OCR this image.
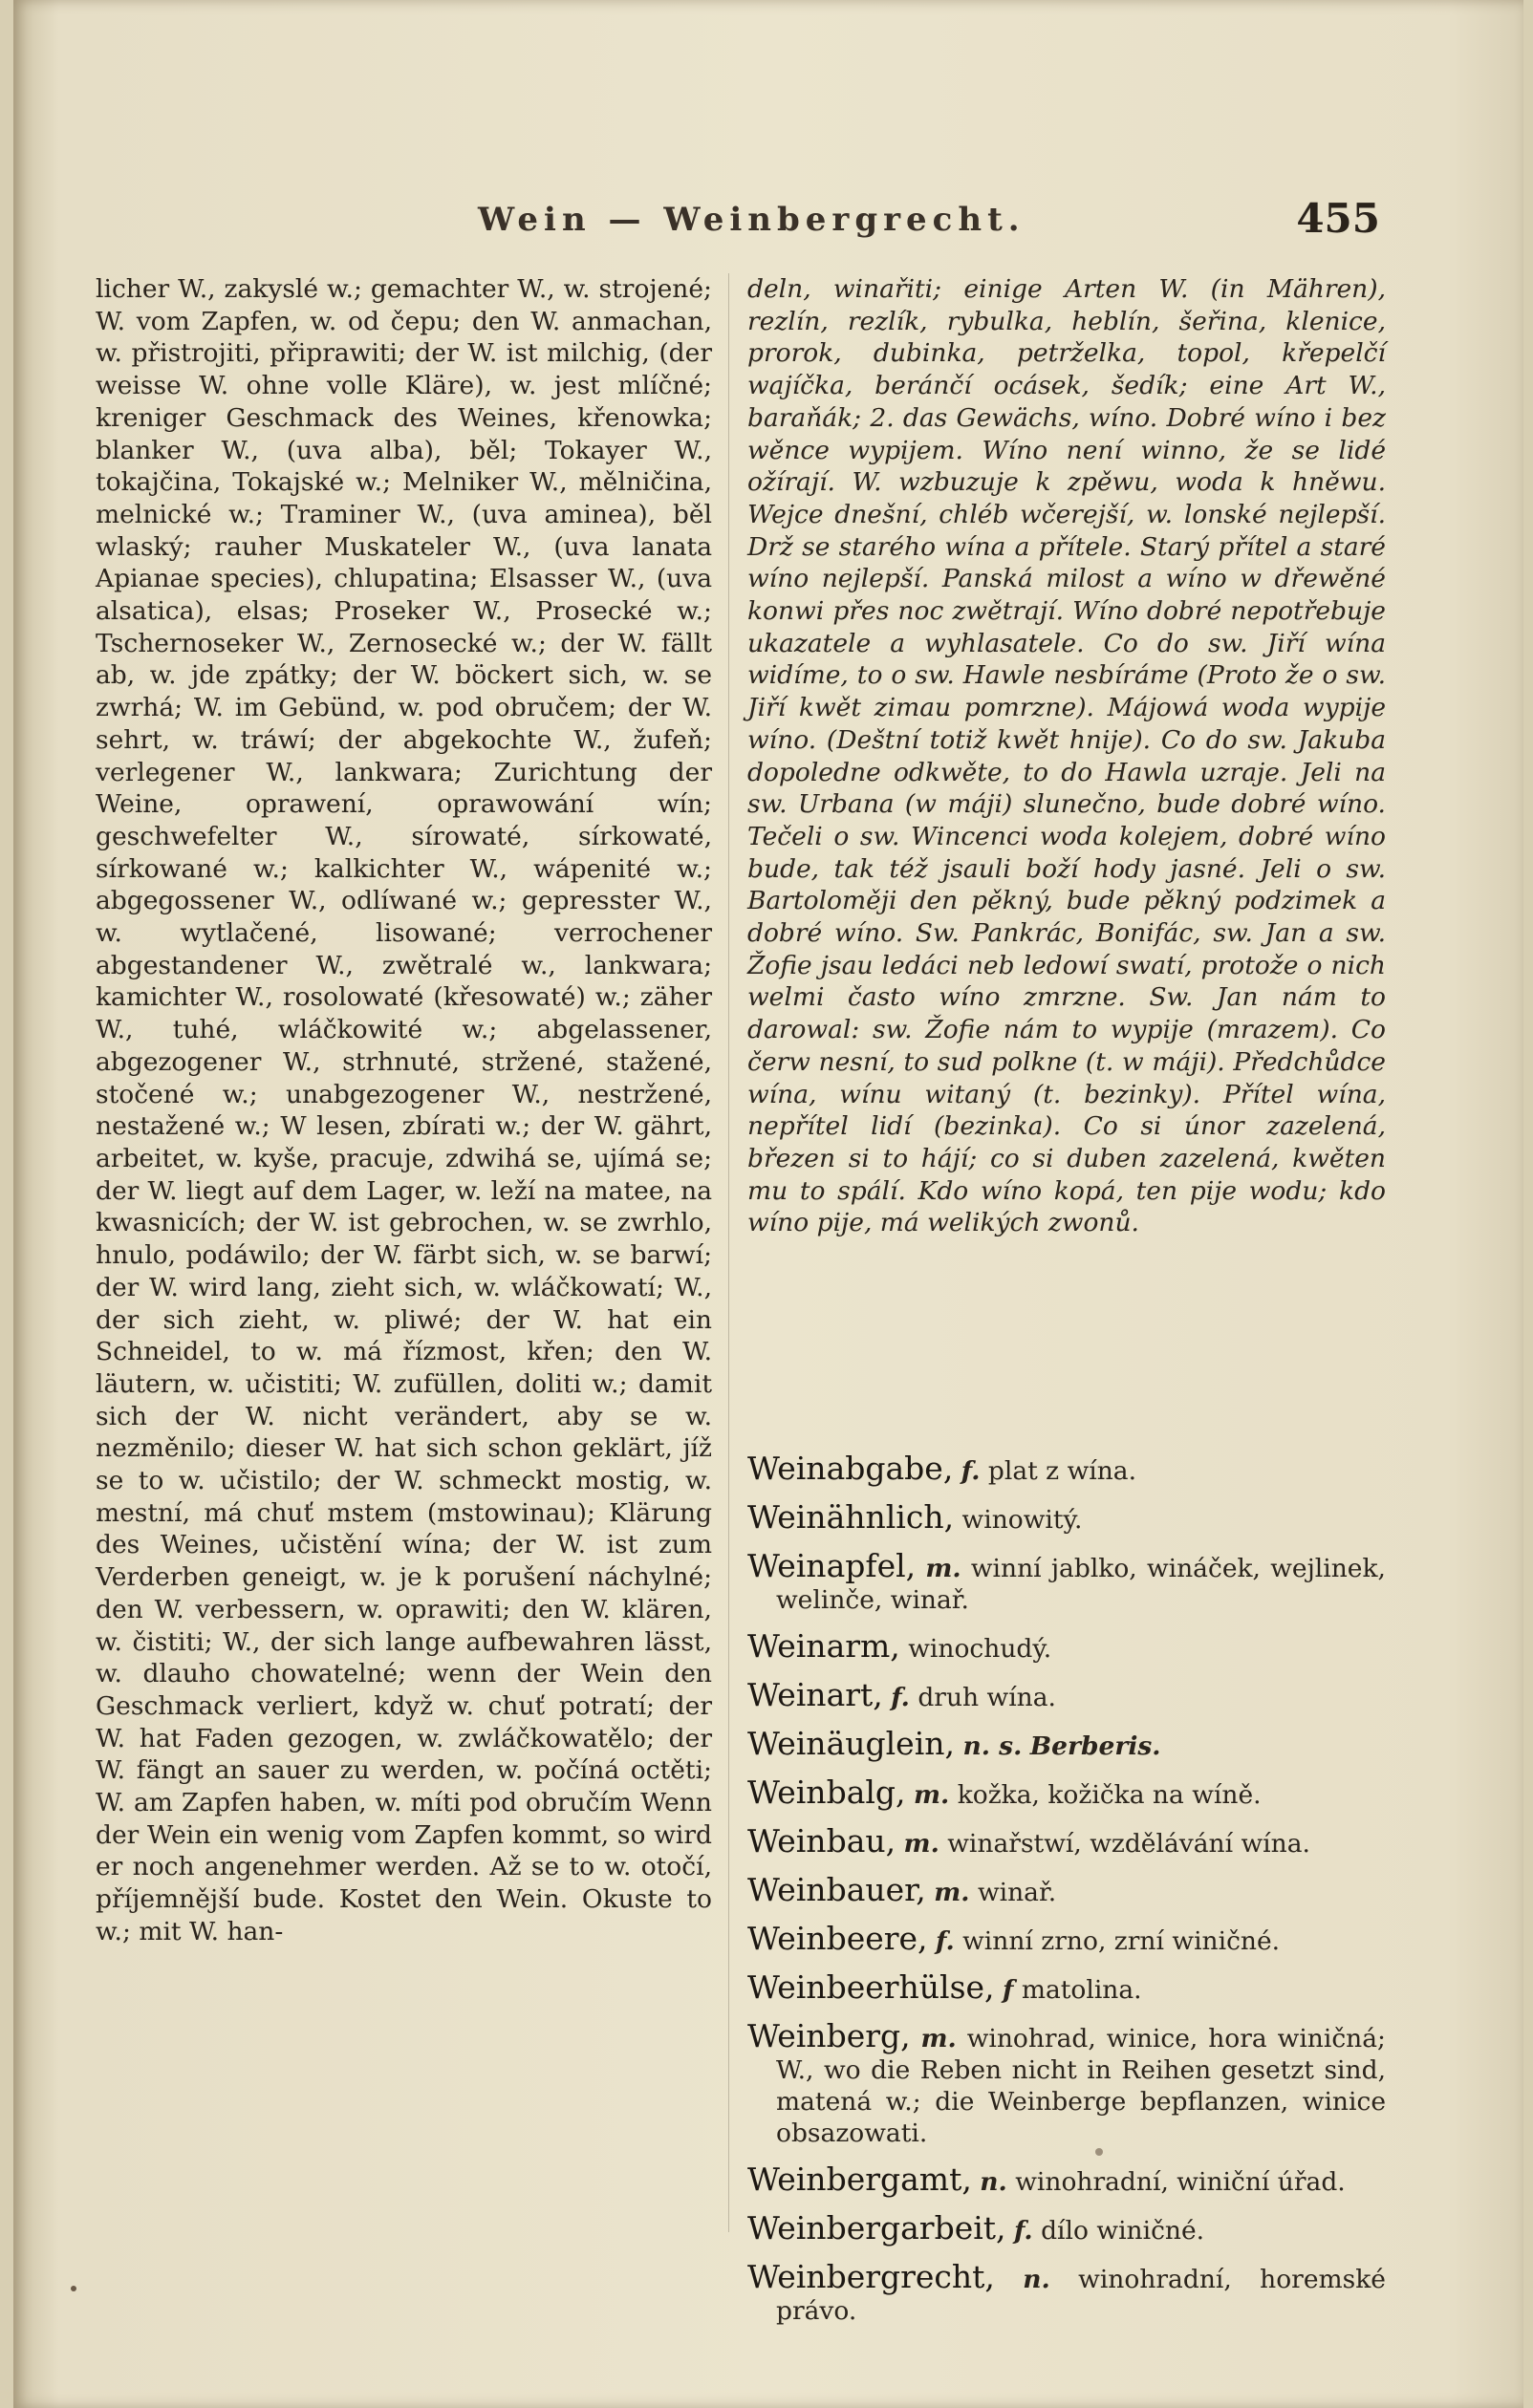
Wein — Weinbergrecht.	455

licher W., zakyslé w.; gemachter W., w. strojené; W. vom Zapfen, w. od čepu; den W. anmachan, w. přistrojiti, připrawiti; der W. ist milchig, (der weisse W. ohne volle Kläre), w. jest mlíčné; kreniger Geschmack des Weines, křenowka; blanker W., (uva alba), běl; Tokayer W., tokajčina, Tokajské w.; Melniker W., mělničina, melnické w.; Traminer W., (uva aminea), běl wlaský; rauher Muskateler W., (uva lanata Apianae species), chlupatina; Elsasser W., (uva alsatica), elsas; Proseker W., Prosecké w.; Tschernoseker W., Zernosecké w.; der W. fällt ab, w. jde zpátky; der W. böckert sich, w. se zwrhá; W. im Gebünd, w. pod obručem; der W. sehrt, w. tráwí; der abgekochte W., žufeň; verlegener W., lankwara; Zurichtung der Weine, oprawení, oprawowání wín; geschwefelter W., sírowaté, sírkowaté, sírkowané w.; kalkichter W., wápenité w.; abgegossener W., odlíwané w.; gepresster W., w. wytlačené, lisowané; verrochener abgestandener W., zwětralé w., lankwara; kamichter W., rosolowaté (křesowaté) w.; zäher W., tuhé, wláčkowité w.; abgelassener, abgezogener W., strhnuté, stržené, stažené, stočené w.; unabgezogener W., nestržené, nestažené w.; W lesen, zbírati w.; der W. gährt, arbeitet, w. kyše, pracuje, zdwihá se, ujímá se; der W. liegt auf dem Lager, w. leží na matee, na kwasnicích; der W. ist gebrochen, w. se zwrhlo, hnulo, podáwilo; der W. färbt sich, w. se barwí; der W. wird lang, zieht sich, w. wláčkowatí; W., der sich zieht, w. pliwé; der W. hat ein Schneidel, to w. má řízmost, křen; den W. läutern, w. učistiti; W. zufüllen, doliti w.; damit sich der W. nicht verändert, aby se w. nezměnilo; dieser W. hat sich schon geklärt, jíž se to w. učistilo; der W. schmeckt mostig, w. mestní, má chuť mstem (mstowinau); Klärung des Weines, učistění wína; der W. ist zum Verderben geneigt, w. je k porušení náchylné; den W. verbessern, w. oprawiti; den W. klären, w. čistiti; W., der sich lange aufbewahren lässt, w. dlauho chowatelné; wenn der Wein den Geschmack verliert, když w. chuť potratí; der W. hat Faden gezogen, w. zwláčkowatělo; der W. fängt an sauer zu werden, w. počíná octěti; W. am Zapfen haben, w. míti pod obručím Wenn der Wein ein wenig vom Zapfen kommt, so wird er noch angenehmer werden. Až se to w. otočí, příjemnější bude. Kostet den Wein. Okuste to w.; mit W. han-

deln, winařiti; einige Arten W. (in Mähren), rezlín, rezlík, rybulka, heblín, šeřina, klenice, prorok, dubinka, petrželka, topol, křepelčí wajíčka, beránčí ocásek, šedík; eine Art W., baraňák; 2. das Gewächs, wíno. Dobré wíno i bez wěnce wypijem. Wíno není winno, že se lidé ožírají. W. wzbuzuje k zpěwu, woda k hněwu. Wejce dnešní, chléb wčerejší, w. lonské nejlepší. Drž se starého wína a přítele. Starý přítel a staré wíno nejlepší. Panská milost a wíno w dřewěné konwi přes noc zwětrají. Wíno dobré nepotřebuje ukazatele a wyhlasatele. Co do sw. Jiří wína widíme, to o sw. Hawle nesbíráme (Proto že o sw. Jiří kwět zimau pomrzne). Májowá woda wypije wíno. (Deštní totiž kwět hnije). Co do sw. Jakuba dopoledne odkwěte, to do Hawla uzraje. Jeli na sw. Urbana (w máji) slunečno, bude dobré wíno. Tečeli o sw. Wincenci woda kolejem, dobré wíno bude, tak též jsauli boží hody jasné. Jeli o sw. Bartoloměji den pěkný, bude pěkný podzimek a dobré wíno. Sw. Pankrác, Bonifác, sw. Jan a sw. Žofie jsau ledáci neb ledowí swatí, protože o nich welmi často wíno zmrzne. Sw. Jan nám to darowal: sw. Žofie nám to wypije (mrazem). Co čerw nesní, to sud polkne (t. w máji). Předchůdce wína, wínu witaný (t. bezinky). Přítel wína, nepřítel lidí (bezinka). Co si únor zazelená, březen si to hájí; co si duben zazelená, kwěten mu to spálí. Kdo wíno kopá, ten pije wodu; kdo wíno pije, má welikých zwonů.

Weinabgabe, f. plat z wína.
Weinähnlich, winowitý.
Weinapfel, m. winní jablko, wináček, wejlinek, welinče, winař.
Weinarm, winochudý.
Weinart, f. druh wína.
Weinäuglein, n. s. Berberis.
Weinbalg, m. kožka, kožička na wíně.
Weinbau, m. winařstwí, wzdělávání wína.
Weinbauer, m. winař.
Weinbeere, f. winní zrno, zrní winičné.
Weinbeerhülse, f matolina.
Weinberg, m. winohrad, winice, hora winičná; W., wo die Reben nicht in Reihen gesetzt sind, matená w.; die Weinberge bepflanzen, winice obsazowati.
Weinbergamt, n. winohradní, winiční úřad.
Weinbergarbeit, f. dílo winičné.
Weinbergrecht, n. winohradní, horemské právo.
